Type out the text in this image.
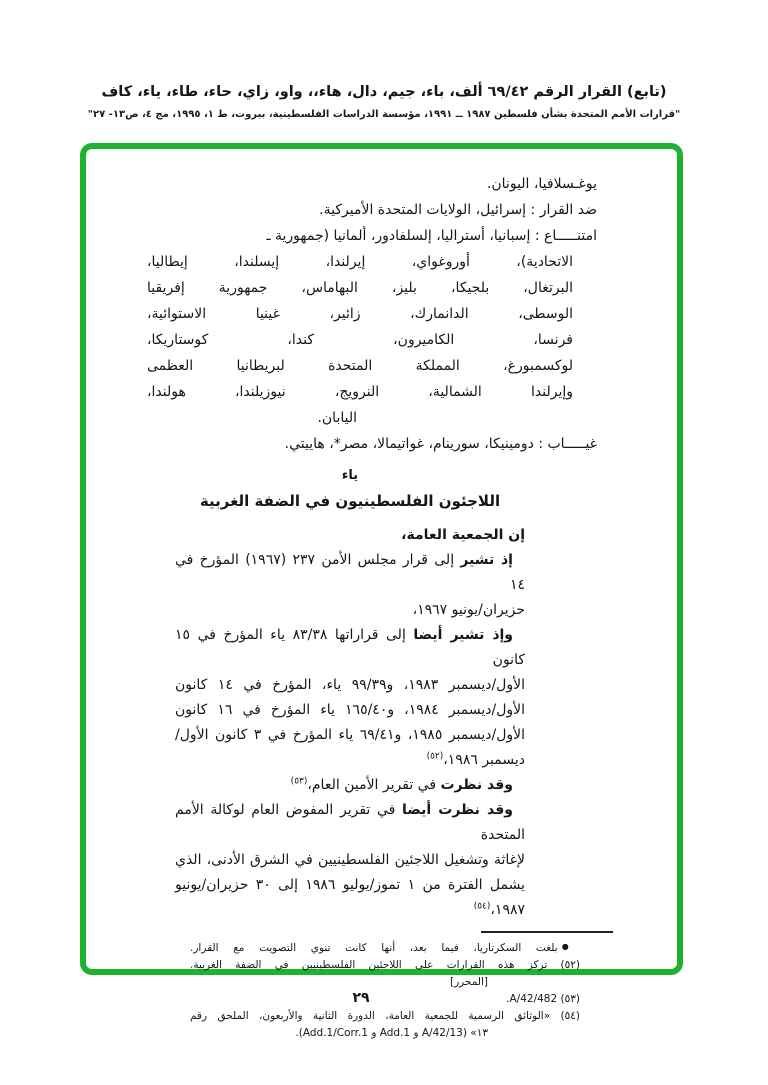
(تابع) القرار الرقم ٦٩/٤٢ ألف، باء، جيم، دال، هاء،، واو، زاي، حاء، طاء، ياء، كاف
"قرارات الأمم المتحدة بشأن فلسطين ١٩٨٧ ــ ١٩٩١، مؤسسة الدراسات الفلسطينية، بيروت، ط ١، ١٩٩٥، مج ٤، ص١٣- ٢٧"
يوغـسلافيا، اليونان.
ضد القرار : إسرائيل، الولايات المتحدة الأميركية.
امتنـــــاع : إسبانيا، أستراليا، إلسلفادور، ألمانيا (جمهورية ـ
الاتحادية)، أوروغواي، إيرلندا، إيسلندا، إيطاليا،
البرتغال، بلجيكا، بليز، البهاماس، جمهورية إفريقيا
الوسطى، الدانمارك، زائير، غينيا الاستوائية،
فرنسا، الكاميرون، كندا، كوستاريكا،
لوكسمبورغ، المملكة المتحدة لبريطانيا العظمى
وإيرلندا الشمالية، النرويج، نيوزيلندا، هولندا،
اليابان.
غيـــــاب : دومينيكا، سورينام، غواتيمالا، مصر*، هاييتي.
ياء
اللاجئون الفلسطينيون في الضفة الغربية
إن الجمعية العامة،
إذ تشير إلى قرار مجلس الأمن ٢٣٧ (١٩٦٧) المؤرخ في ١٤
حزيران/يونيو ١٩٦٧،
وإذ تشير أيضا إلى قراراتها ٨٣/٣٨ ياء المؤرخ في ١٥ كانون
الأول/ديسمبر ١٩٨٣، و٩٩/٣٩ ياء، المؤرخ في ١٤ كانون
الأول/ديسمبر ١٩٨٤، و١٦٥/٤٠ ياء المؤرخ في ١٦ كانون
الأول/ديسمبر ١٩٨٥، و٦٩/٤١ ياء المؤرخ في ٣ كانون الأول/
ديسمبر ١٩٨٦،$^{(٥٢)}$
وقد نظرت في تقرير الأمين العام،$^{(٥٣)}$
وقد نظرت أيضا في تقرير المفوض العام لوكالة الأمم المتحدة
لإغاثة وتشغيل اللاجئين الفلسطينيين في الشرق الأدنى، الذي
يشمل الفترة من ١ تموز/يوليو ١٩٨٦ إلى ٣٠ حزيران/يونيو
١٩٨٧،$^{(٥٤)}$
●بلغت السكرتاريا، فيما بعد، أنها كانت تنوي التصويت مع القرار.
(٥٢) تركز هذه القرارات على اللاجئين الفلسطينيين في الضفة الغربية.
[المحرر]
(٥٣) A/42/482.
(٥٤) «الوثائق الرسمية للجمعية العامة، الدورة الثانية والأربعون، الملحق رقم
١٣» (A/42/13 و Add.1 و Add.1/Corr.1).
٢٩
